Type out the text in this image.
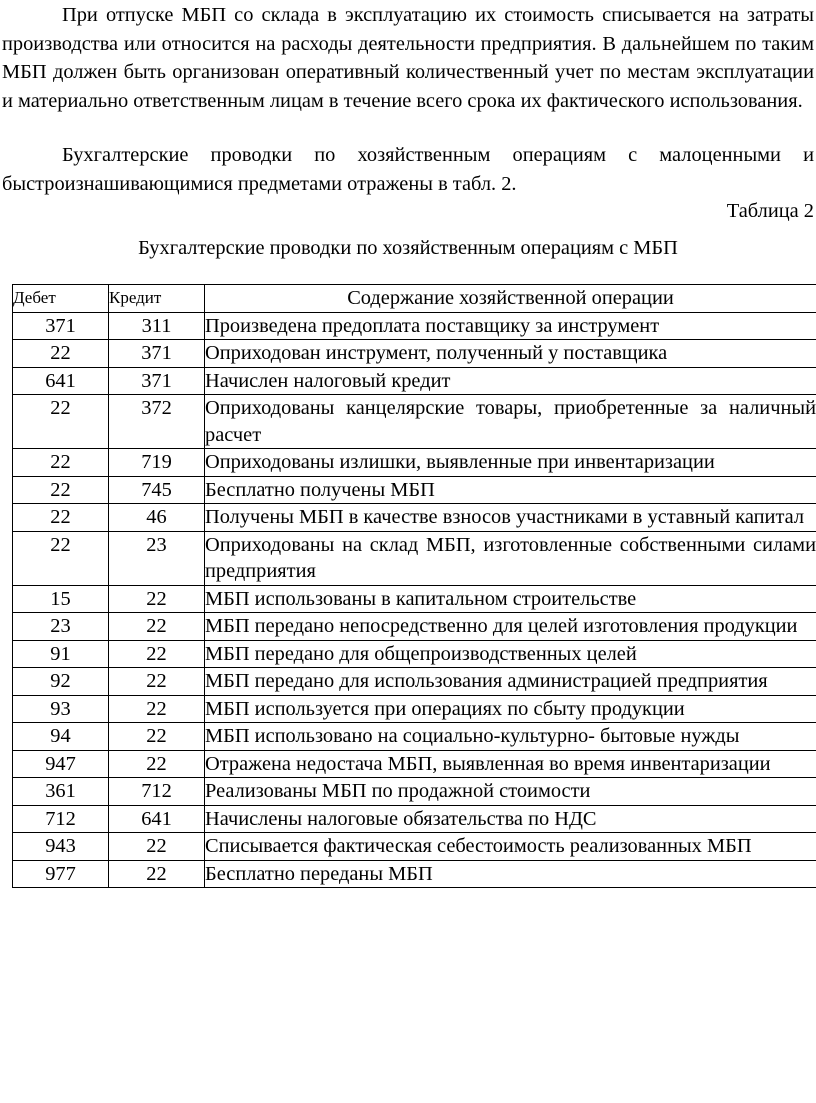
При отпуске МБП со склада в эксплуатацию их стоимость списывается на затраты производства или относится на расходы деятельности предприятия. В дальнейшем по таким МБП должен быть организован оперативный количественный учет по местам эксплуатации и материально ответственным лицам в течение всего срока их фактического использования.

Бухгалтерские проводки по хозяйственным операциям с малоценными и быстроизнашивающимися предметами отражены в табл. 2.

Таблица 2
Бухгалтерские проводки по хозяйственным операциям с МБП
Дебет	Кредит	Содержание хозяйственной операции
371	311	Произведена предоплата поставщику за инструмент
22	371	Оприходован инструмент, полученный у поставщика
641	371	Начислен налоговый кредит
22	372	Оприходованы канцелярские товары, приобретенные за наличный расчет
22	719	Оприходованы излишки, выявленные при инвентаризации
22	745	Бесплатно получены МБП
22	46	Получены МБП в качестве взносов участниками в уставный капитал
22	23	Оприходованы на склад МБП, изготовленные собственными силами предприятия
15	22	МБП использованы в капитальном строительстве
23	22	МБП передано непосредственно для целей изготовления продукции
91	22	МБП передано для общепроизводственных целей
92	22	МБП передано для использования администрацией предприятия
93	22	МБП используется при операциях по сбыту продукции
94	22	МБП использовано на социально-культурно- бытовые нужды
947	22	Отражена недостача МБП, выявленная во время инвентаризации
361	712	Реализованы МБП по продажной стоимости
712	641	Начислены налоговые обязательства по НДС
943	22	Списывается фактическая себестоимость реализованных МБП
977	22	Бесплатно переданы МБП
